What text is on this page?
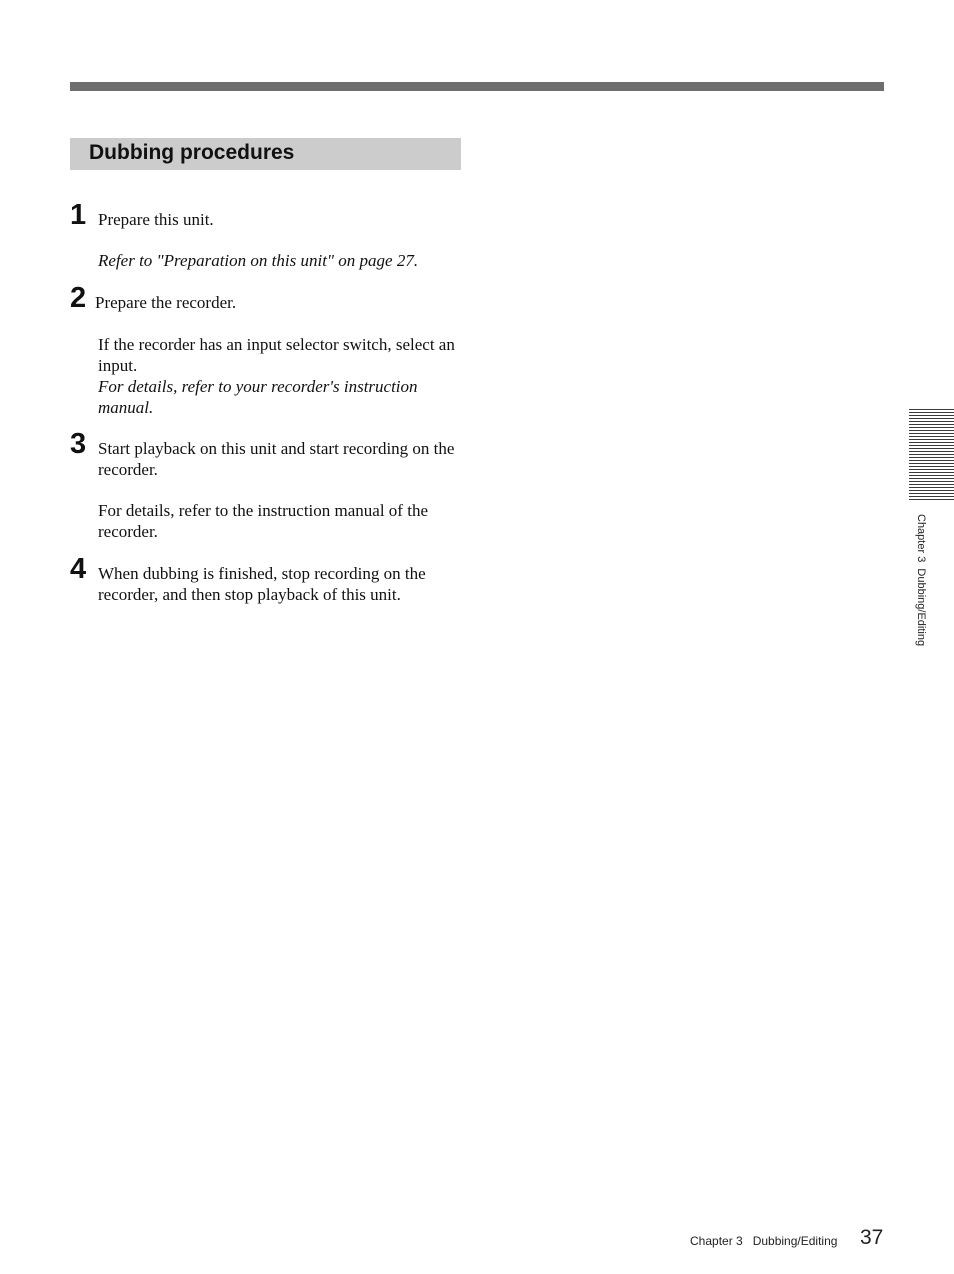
Dubbing procedures
1 Prepare this unit.

Refer to "Preparation on this unit" on page 27.

2 Prepare the recorder.

If the recorder has an input selector switch, select an input.
For details, refer to your recorder's instruction manual.
3 Start playback on this unit and start recording on the recorder.

For details, refer to the instruction manual of the recorder.

4 When dubbing is finished, stop recording on the recorder, and then stop playback of this unit.	Chapter 3  Dubbing/Editing
Chapter 3   Dubbing/Editing 37
